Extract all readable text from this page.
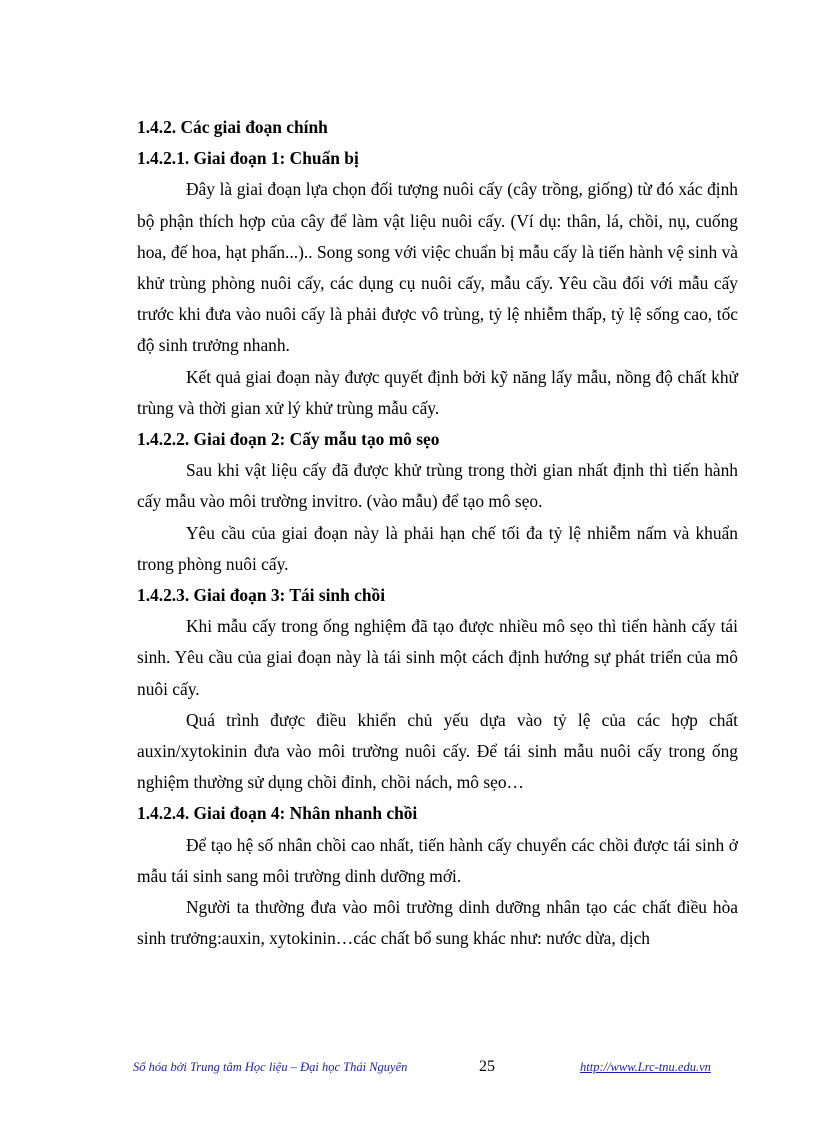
1.4.2. Các giai đoạn chính
1.4.2.1. Giai đoạn 1: Chuẩn bị

Đây là giai đoạn lựa chọn đối tượng nuôi cấy (cây trồng, giống) từ đó xác định bộ phận thích hợp của cây để làm vật liệu nuôi cấy. (Ví dụ: thân, lá, chồi, nụ, cuống hoa, đế hoa, hạt phấn...).. Song song với việc chuẩn bị mẫu cấy là tiến hành vệ sinh và khử trùng phòng nuôi cấy, các dụng cụ nuôi cấy, mẫu cấy. Yêu cầu đối với mẫu cấy trước khi đưa vào nuôi cấy là phải được vô trùng, tỷ lệ nhiễm thấp, tỷ lệ sống cao, tốc độ sinh trưởng nhanh.

Kết quả giai đoạn này được quyết định bởi kỹ năng lấy mẫu, nồng độ chất khử trùng và thời gian xử lý khử trùng mẫu cấy.

1.4.2.2. Giai đoạn 2: Cấy mẫu tạo mô sẹo

Sau khi vật liệu cấy đã được khử trùng trong thời gian nhất định thì tiến hành cấy mẫu vào môi trường invitro. (vào mẫu) để tạo mô sẹo.

Yêu cầu của giai đoạn này là phải hạn chế tối đa tỷ lệ nhiễm nấm và khuẩn trong phòng nuôi cấy.

1.4.2.3. Giai đoạn 3: Tái sinh chồi

Khi mẫu cấy trong ống nghiệm đã tạo được nhiều mô sẹo thì tiến hành cấy tái sinh. Yêu cầu của giai đoạn này là tái sinh một cách định hướng sự phát triển của mô nuôi cấy.

Quá trình được điều khiển chủ yếu dựa vào tỷ lệ của các hợp chất auxin/xytokinin đưa vào môi trường nuôi cấy. Để tái sinh mẫu nuôi cấy trong ống nghiệm thường sử dụng chồi đỉnh, chồi nách, mô sẹo…

1.4.2.4. Giai đoạn 4: Nhân nhanh chồi

Để tạo hệ số nhân chồi cao nhất, tiến hành cấy chuyển các chồi được tái sinh ở mẫu tái sinh sang môi trường dinh dưỡng mới.

Người ta thường đưa vào môi trường dinh dưỡng nhân tạo các chất điều hòa sinh trưởng:auxin, xytokinin…các chất bổ sung khác như: nước dừa, dịch

Số hóa bởi Trung tâm Học liệu – Đại học Thái Nguyên	25	http://www.Lrc-tnu.edu.vn
